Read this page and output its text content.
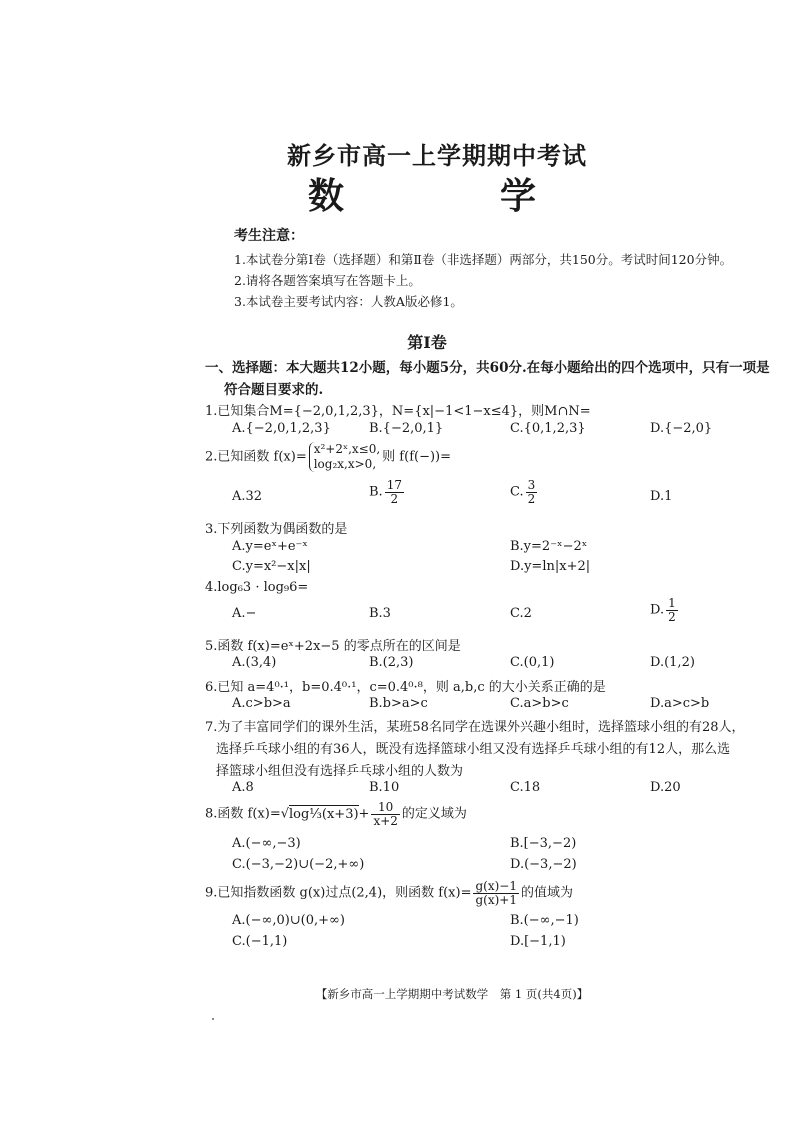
新乡市高一上学期期中考试
数　学
考生注意：
1.本试卷分第Ⅰ卷（选择题）和第Ⅱ卷（非选择题）两部分，共150分。考试时间120分钟。
2.请将各题答案填写在答题卡上。
3.本试卷主要考试内容：人教A版必修1。
第Ⅰ卷
一、选择题：本大题共12小题，每小题5分，共60分.在每小题给出的四个选项中，只有一项是
符合题目要求的.
1.已知集合M={−2,0,1,2,3}，N={x|−1<1−x≤4}，则M∩N=
A.{−2,0,1,2,3}	B.{−2,0,1}	C.{0,1,2,3}	D.{−2,0}
2.已知函数 f(x)=
x²+2ˣ,x≤0,
log₂x,x>0, 则 f(f(−))=
A.32	B. $\frac{17}{2}$	C. $\frac{3}{2}$	D.1
3.下列函数为偶函数的是
A.y=eˣ+e⁻ˣ	B.y=2⁻ˣ−2ˣ
C.y=x²−x|x|	D.y=ln|x+2|
4.log₆3 · log₉6=
A.−	B.3	C.2	D. $\frac{1}{2}$
5.函数 f(x)=eˣ+2x−5 的零点所在的区间是
A.(3,4)	B.(2,3)	C.(0,1)	D.(1,2)
6.已知 a=4⁰·¹，b=0.4⁰·¹，c=0.4⁰·⁸，则 a,b,c 的大小关系正确的是
A.c>b>a	B.b>a>c	C.a>b>c	D.a>c>b
7.为了丰富同学们的课外生活，某班58名同学在选课外兴趣小组时，选择篮球小组的有28人，
选择乒乓球小组的有36人，既没有选择篮球小组又没有选择乒乓球小组的有12人，那么选
择篮球小组但没有选择乒乓球小组的人数为
A.8	B.10	C.18	D.20
8.函数 f(x)=√log⅓(x+3)+ $\frac{10}{x+2}$ 的定义域为
A.(−∞,−3)	B.[−3,−2)
C.(−3,−2)∪(−2,+∞)	D.(−3,−2)
9.已知指数函数 g(x)过点(2,4)，则函数 $f(x)= \frac{g(x)-1}{g(x)+1}$ 的值域为
A.(−∞,0)∪(0,+∞)	B.(−∞,−1)
C.(−1,1)	D.[−1,1)
【新乡市高一上学期期中考试数学　第 1 页(共4页)】
